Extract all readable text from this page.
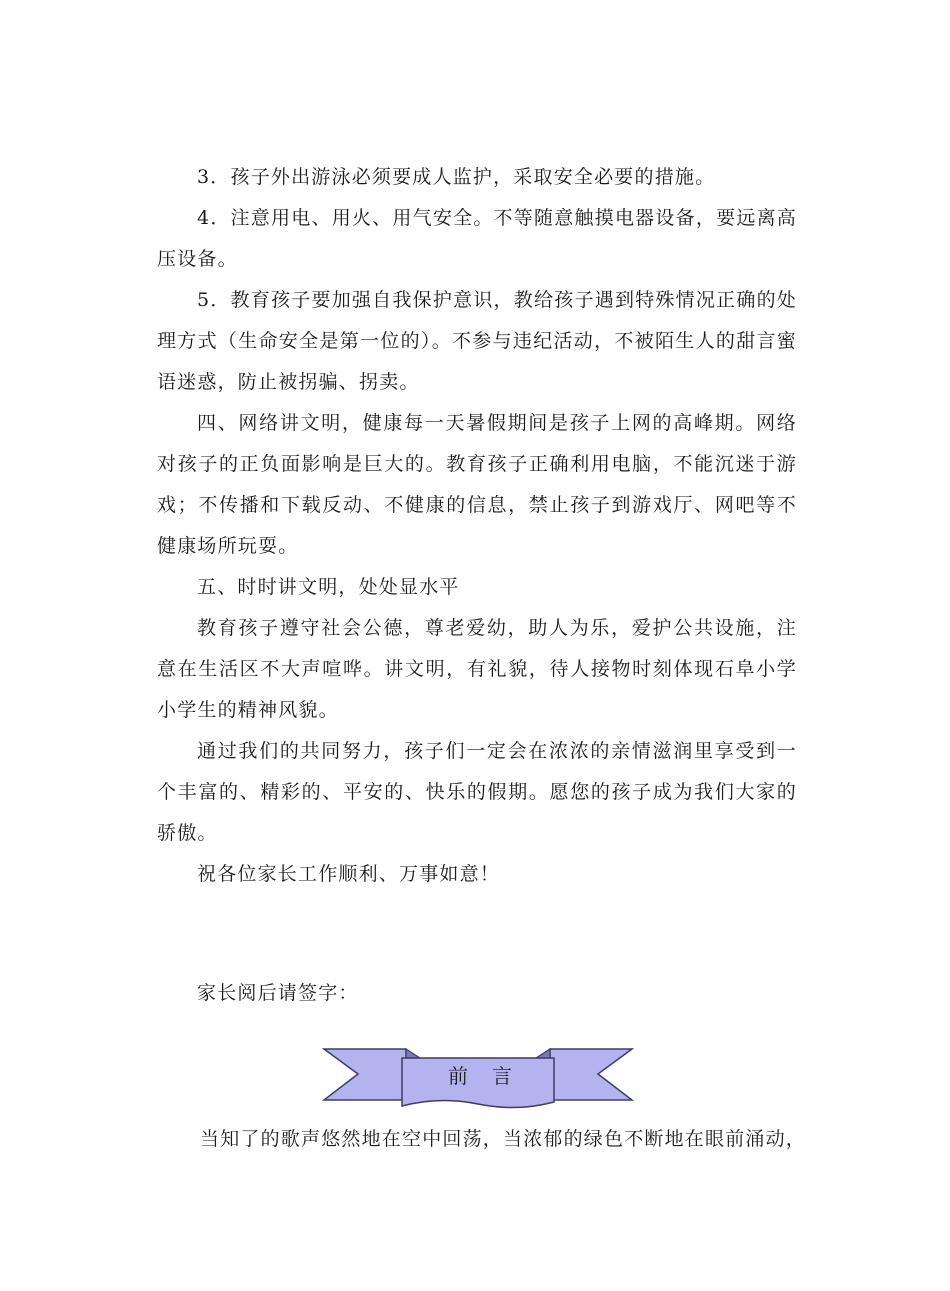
3．孩子外出游泳必须要成人监护，采取安全必要的措施。

4．注意用电、用火、用气安全。不等随意触摸电器设备，要远离高压设备。

5．教育孩子要加强自我保护意识，教给孩子遇到特殊情况正确的处理方式（生命安全是第一位的）。不参与违纪活动，不被陌生人的甜言蜜语迷惑，防止被拐骗、拐卖。

四、网络讲文明，健康每一天暑假期间是孩子上网的高峰期。网络对孩子的正负面影响是巨大的。教育孩子正确利用电脑，不能沉迷于游戏；不传播和下载反动、不健康的信息，禁止孩子到游戏厅、网吧等不健康场所玩耍。

五、时时讲文明，处处显水平

教育孩子遵守社会公德，尊老爱幼，助人为乐，爱护公共设施，注意在生活区不大声喧哗。讲文明，有礼貌，待人接物时刻体现石阜小学小学生的精神风貌。

通过我们的共同努力，孩子们一定会在浓浓的亲情滋润里享受到一个丰富的、精彩的、平安的、快乐的假期。愿您的孩子成为我们大家的骄傲。

祝各位家长工作顺利、万事如意！

家长阅后请签字：

前言

当知了的歌声悠然地在空中回荡，当浓郁的绿色不断地在眼前涌动，
